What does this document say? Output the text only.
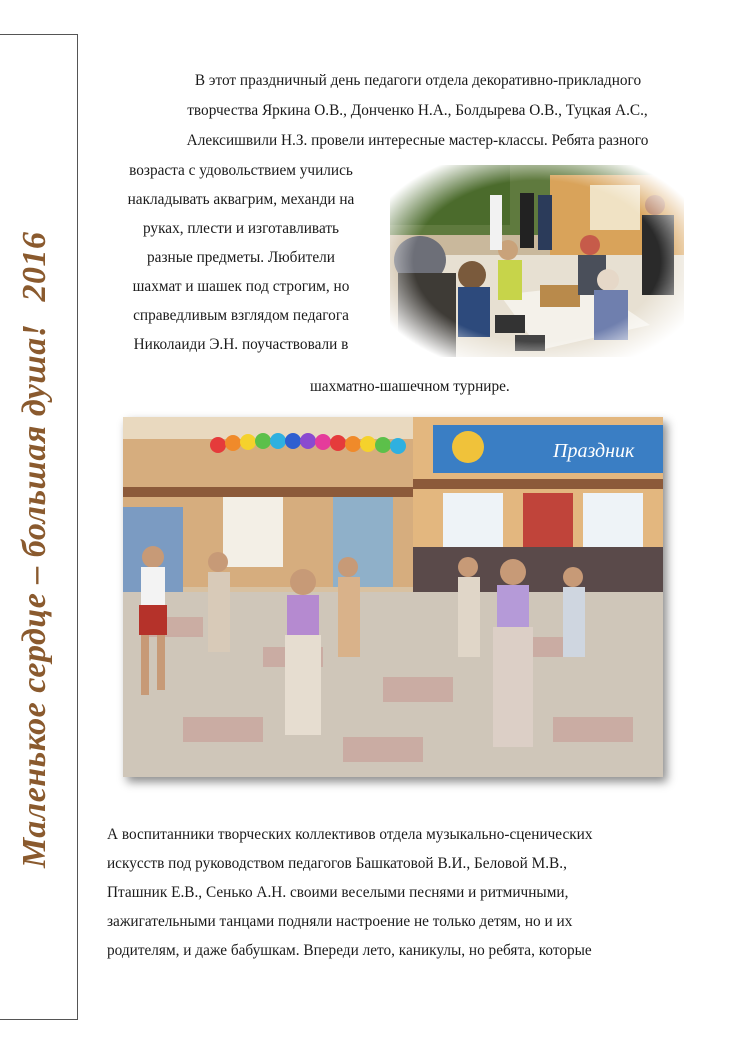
Маленькое сердце – большая душа!2016
В этот праздничный день педагоги отдела декоративно-прикладного
творчества Яркина О.В., Донченко Н.А., Болдырева О.В., Туцкая А.С.,
Алексишвили Н.З. провели интересные мастер-классы. Ребята разного
возраста с удовольствием учились
накладывать аквагрим, механди на
руках, плести и изготавливать
разные предметы. Любители
шахмат и шашек под строгим, но
справедливым взглядом педагога
Николаиди Э.Н. поучаствовали в
шахматно-шашечном турнире.
Праздник
А воспитанники творческих коллективов отдела музыкально-сценических
искусств под руководством педагогов Башкатовой В.И., Беловой М.В.,
Пташник Е.В., Сенько А.Н. своими веселыми песнями и ритмичными,
зажигательными танцами подняли настроение не только детям, но и их
родителям, и даже бабушкам. Впереди лето, каникулы, но ребята, которые
